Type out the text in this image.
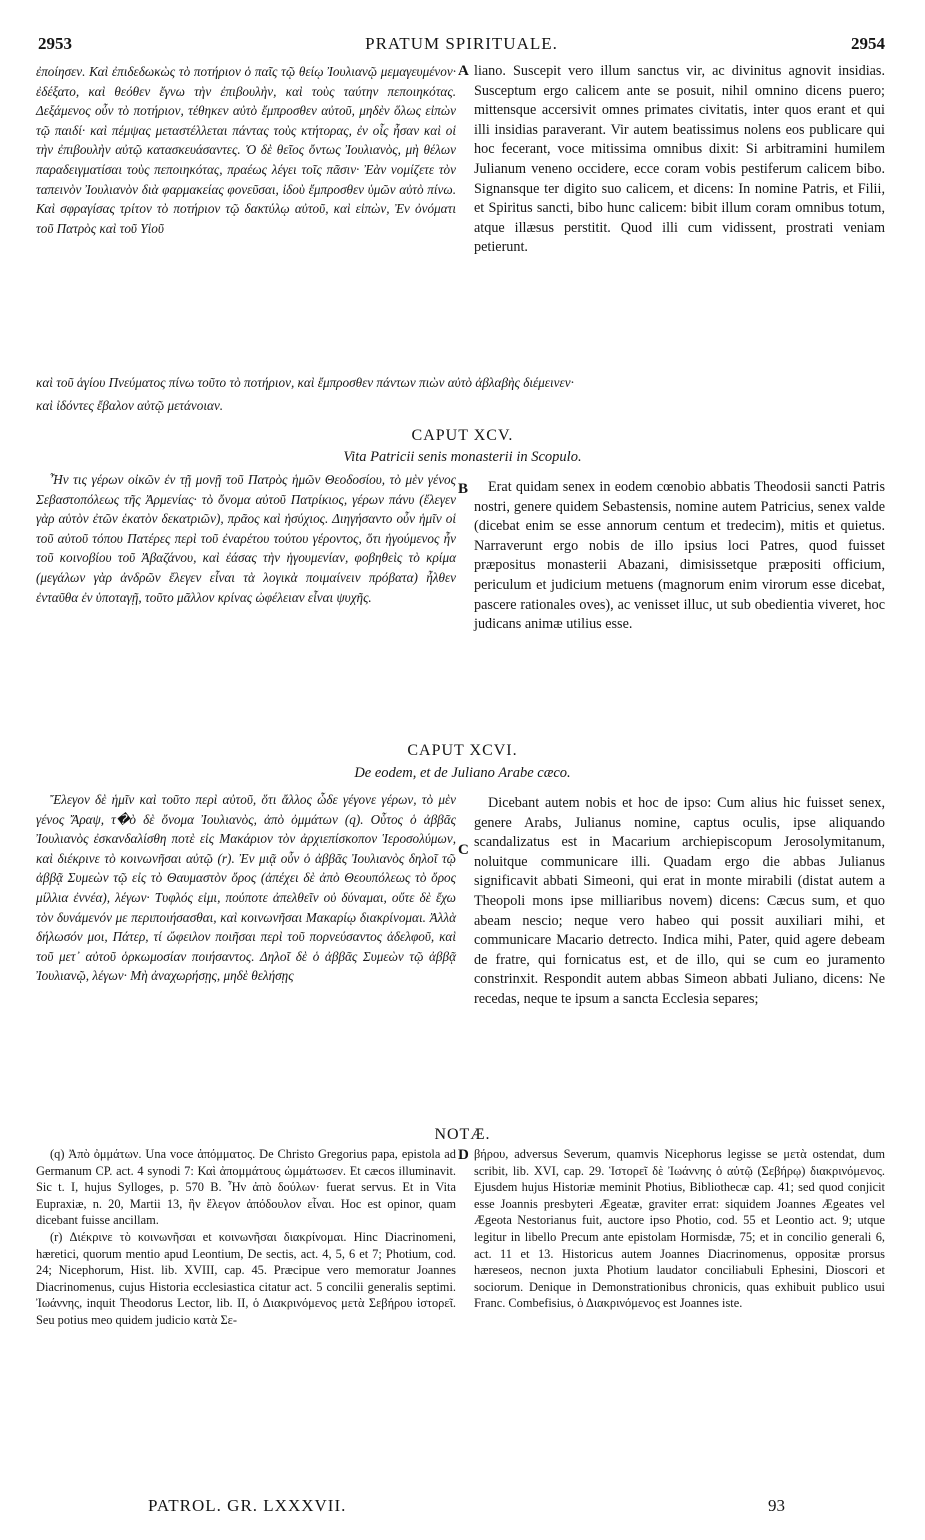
2953	PRATUM SPIRITUALE.	2954

ἐποίησεν. Καὶ ἐπιδεδωκὼς τὸ ποτήριον ὁ παῖς τῷ θείῳ Ἰουλιανῷ μεμαγευμένον· ἐδέξατο, καὶ θεόθεν ἔγνω τὴν ἐπιβουλὴν, καὶ τοὺς ταύτην πεποιηκότας. Δεξάμενος οὖν τὸ ποτήριον, τέθηκεν αὐτὸ ἔμπροσθεν αὐτοῦ, μηδὲν ὅλως εἰπὼν τῷ παιδί· καὶ πέμψας μεταστέλλεται πάντας τοὺς κτήτορας, ἐν οἷς ἦσαν καὶ οἱ τὴν ἐπιβουλὴν αὐτῷ κατασκευάσαντες. Ὁ δὲ θεῖος ὄντως Ἰουλιανὸς, μὴ θέλων παραδειγματίσαι τοὺς πεποιηκότας, πραέως λέγει τοῖς πᾶσιν· Ἐὰν νομίζετε τὸν ταπεινὸν Ἰουλιανὸν διὰ φαρμακείας φονεῦσαι, ἰδοὺ ἔμπροσθεν ὑμῶν αὐτὸ πίνω. Καὶ σφραγίσας τρίτον τὸ ποτήριον τῷ δακτύλῳ αὐτοῦ, καὶ εἰπὼν, Ἐν ὀνόματι τοῦ Πατρὸς καὶ τοῦ Υἱοῦ

A liano. Suscepit vero illum sanctus vir, ac divinitus agnovit insidias. Susceptum ergo calicem ante se posuit, nihil omnino dicens puero; mittensque accersivit omnes primates civitatis, inter quos erant et qui illi insidias paraverant. Vir autem beatissimus nolens eos publicare qui hoc fecerant, voce mitissima omnibus dixit: Si arbitramini humilem Julianum veneno occidere, ecce coram vobis pestiferum calicem bibo. Signansque ter digito suo calicem, et dicens: In nomine Patris, et Filii, et Spiritus sancti, bibo hunc calicem: bibit illum coram omnibus totum, atque illæsus perstitit. Quod illi cum vidissent, prostrati veniam petierunt.

καὶ τοῦ ἁγίου Πνεύματος πίνω τοῦτο τὸ ποτήριον, καὶ ἔμπροσθεν πάντων πιὼν αὐτὸ ἀβλαβὴς διέμεινεν·
καὶ ἰδόντες ἔβαλον αὐτῷ μετάνοιαν.
CAPUT XCV.
Vita Patricii senis monasterii in Scopulo.

Ἦν τις γέρων οἰκῶν ἐν τῇ μονῇ τοῦ Πατρὸς ἡμῶν Θεοδοσίου, τὸ μὲν γένος Σεβαστοπόλεως τῆς Ἀρμενίας· τὸ ὄνομα αὐτοῦ Πατρίκιος, γέρων πάνυ (ἔλεγεν γὰρ αὑτὸν ἐτῶν ἑκατὸν δεκατριῶν), πρᾶος καὶ ἡσύχιος. Διηγήσαντο οὖν ἡμῖν οἱ τοῦ αὐτοῦ τόπου Πατέρες περὶ τοῦ ἐναρέτου τούτου γέροντος, ὅτι ἡγούμενος ἦν τοῦ κοινοβίου τοῦ Ἀβαζάνου, καὶ ἐάσας τὴν ἡγουμενίαν, φοβηθεὶς τὸ κρίμα (μεγάλων γὰρ ἀνδρῶν ἔλεγεν εἶναι τὰ λογικὰ ποιμαίνειν πρόβατα) ἦλθεν ἐνταῦθα ἐν ὑποταγῇ, τοῦτο μᾶλλον κρίνας ὠφέλειαν εἶναι ψυχῆς.

B	Erat quidam senex in eodem cœnobio abbatis Theodosii sancti Patris nostri, genere quidem Sebastensis, nomine autem Patricius, senex valde (dicebat enim se esse annorum centum et tredecim), mitis et quietus. Narraverunt ergo nobis de illo ipsius loci Patres, quod fuisset præpositus monasterii Abazani, dimisissetque præpositi officium, periculum et judicium metuens (magnorum enim virorum esse dicebat, pascere rationales oves), ac venisset illuc, ut sub obedientia viveret, hoc judicans animæ utilius esse.

CAPUT XCVI.
De eodem, et de Juliano Arabe cæco.

Ἔλεγον δὲ ἡμῖν καὶ τοῦτο περὶ αὐτοῦ, ὅτι ἄλλος ὧδε γέγονε γέρων, τὸ μὲν γένος Ἄραψ, τ�ὸ δὲ ὄνομα Ἰουλιανὸς, ἀπὸ ὀμμάτων (q). Οὗτος ὁ ἀββᾶς Ἰουλιανὸς ἐσκανδαλίσθη ποτὲ εἰς Μακάριον τὸν ἀρχιεπίσκοπον Ἱεροσολύμων, καὶ διέκρινε τὸ κοινωνῆσαι αὐτῷ (r). Ἐν μιᾷ οὖν ὁ ἀββᾶς Ἰουλιανὸς δηλοῖ τῷ ἀββᾷ Συμεὼν τῷ εἰς τὸ Θαυμαστὸν ὄρος (ἀπέχει δὲ ἀπὸ Θεουπόλεως τὸ ὄρος μίλλια ἐννέα), λέγων· Τυφλός εἰμι, πούποτε ἀπελθεῖν οὐ δύναμαι, οὔτε δὲ ἔχω τὸν δυνάμενόν με περιποιήσασθαι, καὶ κοινωνῆσαι Μακαρίῳ διακρίνομαι. Ἀλλὰ δήλωσόν μοι, Πάτερ, τί ὤφειλον ποιῆσαι περὶ τοῦ πορνεύσαντος ἀδελφοῦ, καὶ τοῦ μετ᾽ αὐτοῦ ὁρκωμοσίαν ποιήσαντος. Δηλοῖ δὲ ὁ ἀββᾶς Συμεὼν τῷ ἀββᾷ Ἰουλιανῷ, λέγων· Μὴ ἀναχωρήσῃς, μηδὲ θελήσῃς

C

Dicebant autem nobis et hoc de ipso: Cum alius hic fuisset senex, genere Arabs, Julianus nomine, captus oculis, ipse aliquando scandalizatus est in Macarium archiepiscopum Jerosolymitanum, noluitque communicare illi. Quadam ergo die abbas Julianus significavit abbati Simeoni, qui erat in monte mirabili (distat autem a Theopoli mons ipse milliaribus novem) dicens: Cæcus sum, et quo abeam nescio; neque vero habeo qui possit auxiliari mihi, et communicare Macario detrecto. Indica mihi, Pater, quid agere debeam de fratre, qui fornicatus est, et de illo, qui se cum eo juramento constrinxit. Respondit autem abbas Simeon abbati Juliano, dicens: Ne recedas, neque te ipsum a sancta Ecclesia separes;

NOTÆ.

(q) Ἀπὸ ὀμμάτων. Una voce ἀπόμματος. De Christo Gregorius papa, epistola ad Germanum CP. act. 4 synodi 7: Καὶ ἀπομμάτους ὠμμάτωσεν. Et cæcos illuminavit. Sic t. I, hujus Sylloges, p. 570 B. Ἦν ἀπὸ δούλων· fuerat servus. Et in Vita Eupraxiæ, n. 20, Martii 13, ἣν ἔλεγον ἀπόδουλον εἶναι. Hoc est opinor, quam dicebant fuisse ancillam.

(r) Διέκρινε τὸ κοινωνῆσαι et κοινωνῆσαι διακρίνομαι. Hinc Diacrinomeni, hæretici, quorum mentio apud Leontium, De sectis, act. 4, 5, 6 et 7; Photium, cod. 24; Nicephorum, Hist. lib. XVIII, cap. 45. Præcipue vero memoratur Joannes Diacrinomenus, cujus Historia ecclesiastica citatur act. 5 concilii generalis septimi. Ἰωάννης, inquit Theodorus Lector, lib. II, ὁ Διακρινόμενος μετὰ Σεβήρου ἱστορεῖ. Seu potius meo quidem judicio κατὰ Σε-

D βήρου, adversus Severum, quamvis Nicephorus legisse se μετὰ ostendat, dum scribit, lib. XVI, cap. 29. Ἱστορεῖ δὲ Ἰωάννης ὁ αὐτῷ (Σεβήρῳ) διακρινόμενος. Ejusdem hujus Historiæ meminit Photius, Bibliothecæ cap. 41; sed quod conjicit esse Joannis presbyteri Ægeatæ, graviter errat: siquidem Joannes Ægeates vel Ægeota Nestorianus fuit, auctore ipso Photio, cod. 55 et Leontio act. 9; utque legitur in libello Precum ante epistolam Hormisdæ, 75; et in concilio generali 6, act. 11 et 13. Historicus autem Joannes Diacrinomenus, oppositæ prorsus hæreseos, necnon juxta Photium laudator conciliabuli Ephesini, Dioscori et sociorum. Denique in Demonstrationibus chronicis, quas exhibuit publico usui Franc. Combefisius, ὁ Διακρινόμενος est Joannes iste.

PATROL. GR. LXXXVII.	93
